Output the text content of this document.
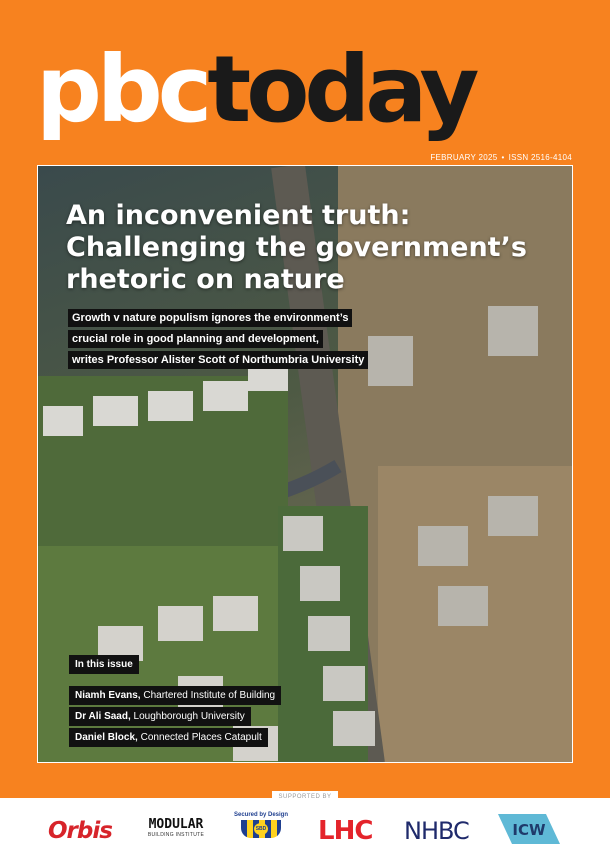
pbctoday
FEBRUARY 2025 • ISSN 2516-4104
An inconvenient truth: Challenging the government’s rhetoric on nature
Growth v nature populism ignores the environment’s
crucial role in good planning and development,
writes Professor Alister Scott of Northumbria University
In this issue
Niamh Evans, Chartered Institute of Building
Dr Ali Saad, Loughborough University
Daniel Block, Connected Places Catapult
Orbis	MODULAR
BUILDING INSTITUTE
Secured by Design
SBD LHC NHBC	ICW
SUPPORTED BY
